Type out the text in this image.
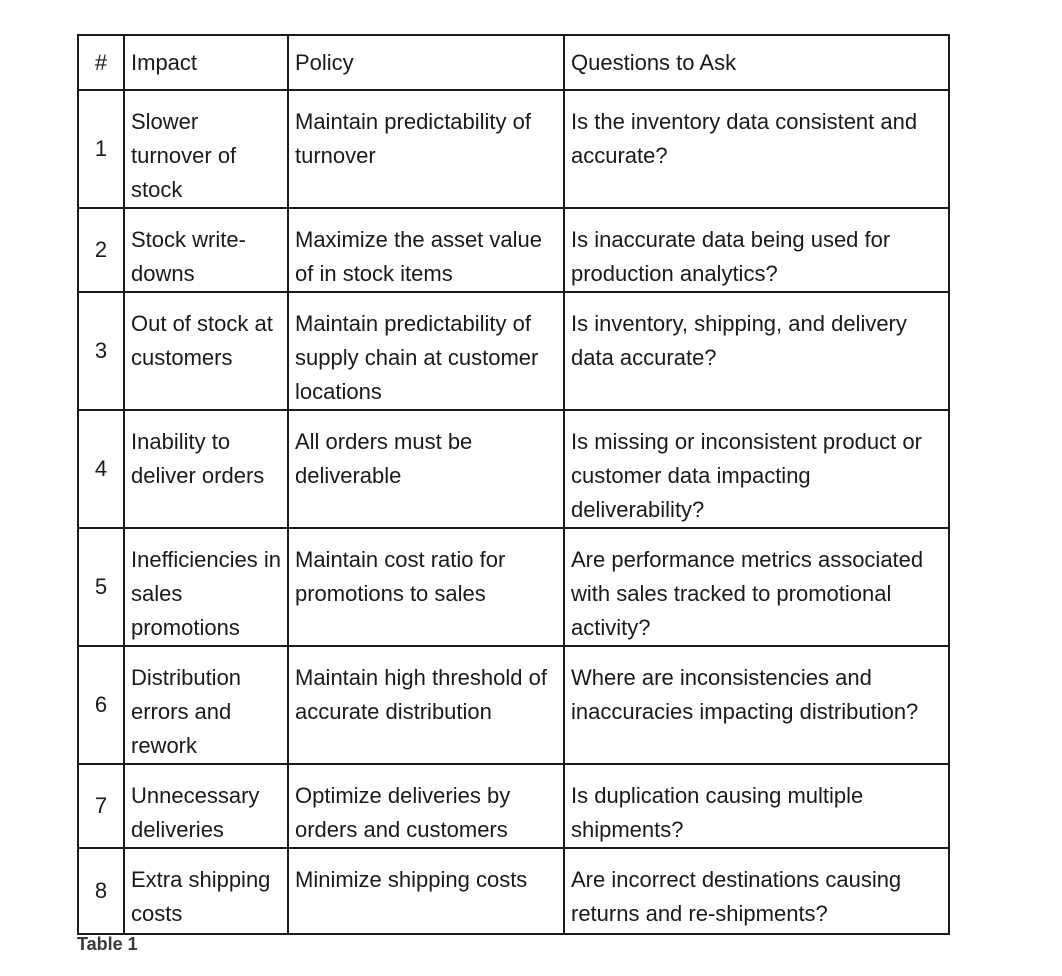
#	Impact	Policy	Questions to Ask
1	Slower turnover of stock	Maintain predictability of turnover	Is the inventory data consistent and accurate?
2	Stock write-downs	Maximize the asset value of in stock items	Is inaccurate data being used for production analytics?
3	Out of stock at customers	Maintain predictability of supply chain at customer locations	Is inventory, shipping, and delivery data accurate?
4	Inability to deliver orders	All orders must be deliverable	Is missing or inconsistent product or customer data impacting deliverability?
5	Inefficiencies in sales promotions	Maintain cost ratio for promotions to sales	Are performance metrics associated with sales tracked to promotional activity?
6	Distribution errors and rework	Maintain high threshold of accurate distribution	Where are inconsistencies and inaccuracies impacting distribution?
7	Unnecessary deliveries	Optimize deliveries by orders and customers	Is duplication causing multiple shipments?
8	Extra shipping costs	Minimize shipping costs	Are incorrect destinations causing returns and re-shipments?
Table 1
